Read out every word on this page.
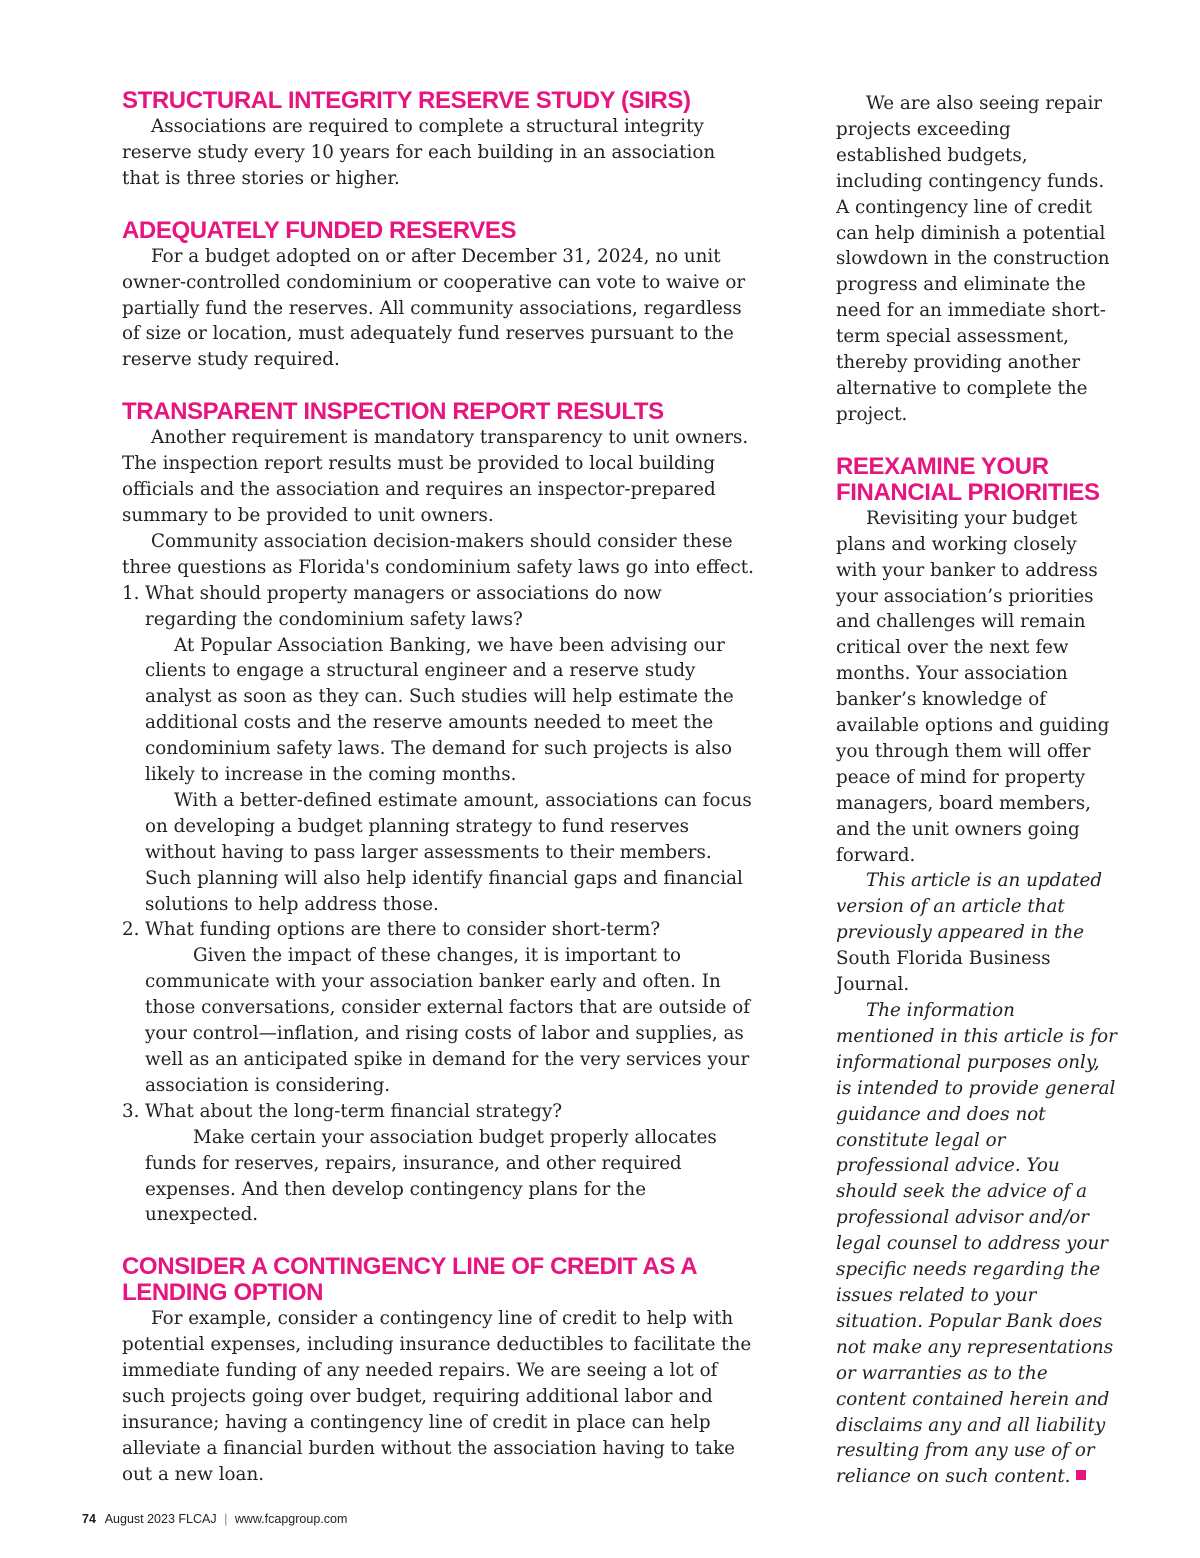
STRUCTURAL INTEGRITY RESERVE STUDY (SIRS)

Associations are required to complete a structural integrity reserve study every 10 years for each building in an association that is three stories or higher.

ADEQUATELY FUNDED RESERVES

For a budget adopted on or after December 31, 2024, no unit owner-controlled condominium or cooperative can vote to waive or partially fund the reserves. All community associations, regardless of size or location, must adequately fund reserves pursuant to the reserve study required.

TRANSPARENT INSPECTION REPORT RESULTS

Another requirement is mandatory transparency to unit owners. The inspection report results must be provided to local building officials and the association and requires an inspector-prepared summary to be provided to unit owners.

Community association decision-makers should consider these three questions as Florida's condominium safety laws go into effect.

1. What should property managers or associations do now regarding the condominium safety laws?

At Popular Association Banking, we have been advising our clients to engage a structural engineer and a reserve study analyst as soon as they can. Such studies will help estimate the additional costs and the reserve amounts needed to meet the condominium safety laws. The demand for such projects is also likely to increase in the coming months.

With a better-defined estimate amount, associations can focus on developing a budget planning strategy to fund reserves without having to pass larger assessments to their members. Such planning will also help identify financial gaps and financial solutions to help address those.

2. What funding options are there to consider short-term?

Given the impact of these changes, it is important to communicate with your association banker early and often. In those conversations, consider external factors that are outside of your control—inflation, and rising costs of labor and supplies, as well as an anticipated spike in demand for the very services your association is considering.

3. What about the long-term financial strategy?

Make certain your association budget properly allocates funds for reserves, repairs, insurance, and other required expenses. And then develop contingency plans for the unexpected.

CONSIDER A CONTINGENCY LINE OF CREDIT AS A LENDING OPTION

For example, consider a contingency line of credit to help with potential expenses, including insurance deductibles to facilitate the immediate funding of any needed repairs. We are seeing a lot of such projects going over budget, requiring additional labor and insurance; having a contingency line of credit in place can help alleviate a financial burden without the association having to take out a new loan.

We are also seeing repair projects exceeding established budgets, including contingency funds. A contingency line of credit can help diminish a potential slowdown in the construction progress and eliminate the need for an immediate short-term special assessment, thereby providing another alternative to complete the project.

REEXAMINE YOUR FINANCIAL PRIORITIES

Revisiting your budget plans and working closely with your banker to address your association’s priorities and challenges will remain critical over the next few months. Your association banker’s knowledge of available options and guiding you through them will offer peace of mind for property managers, board members, and the unit owners going forward.

This article is an updated version of an article that previously appeared in the South Florida Business Journal.

The information mentioned in this article is for informational purposes only, is intended to provide general guidance and does not constitute legal or professional advice. You should seek the advice of a professional advisor and/or legal counsel to address your specific needs regarding the issues related to your situation. Popular Bank does not make any representations or warranties as to the content contained herein and disclaims any and all liability resulting from any use of or reliance on such content.

74 August 2023 FLCAJ | www.fcapgroup.com
